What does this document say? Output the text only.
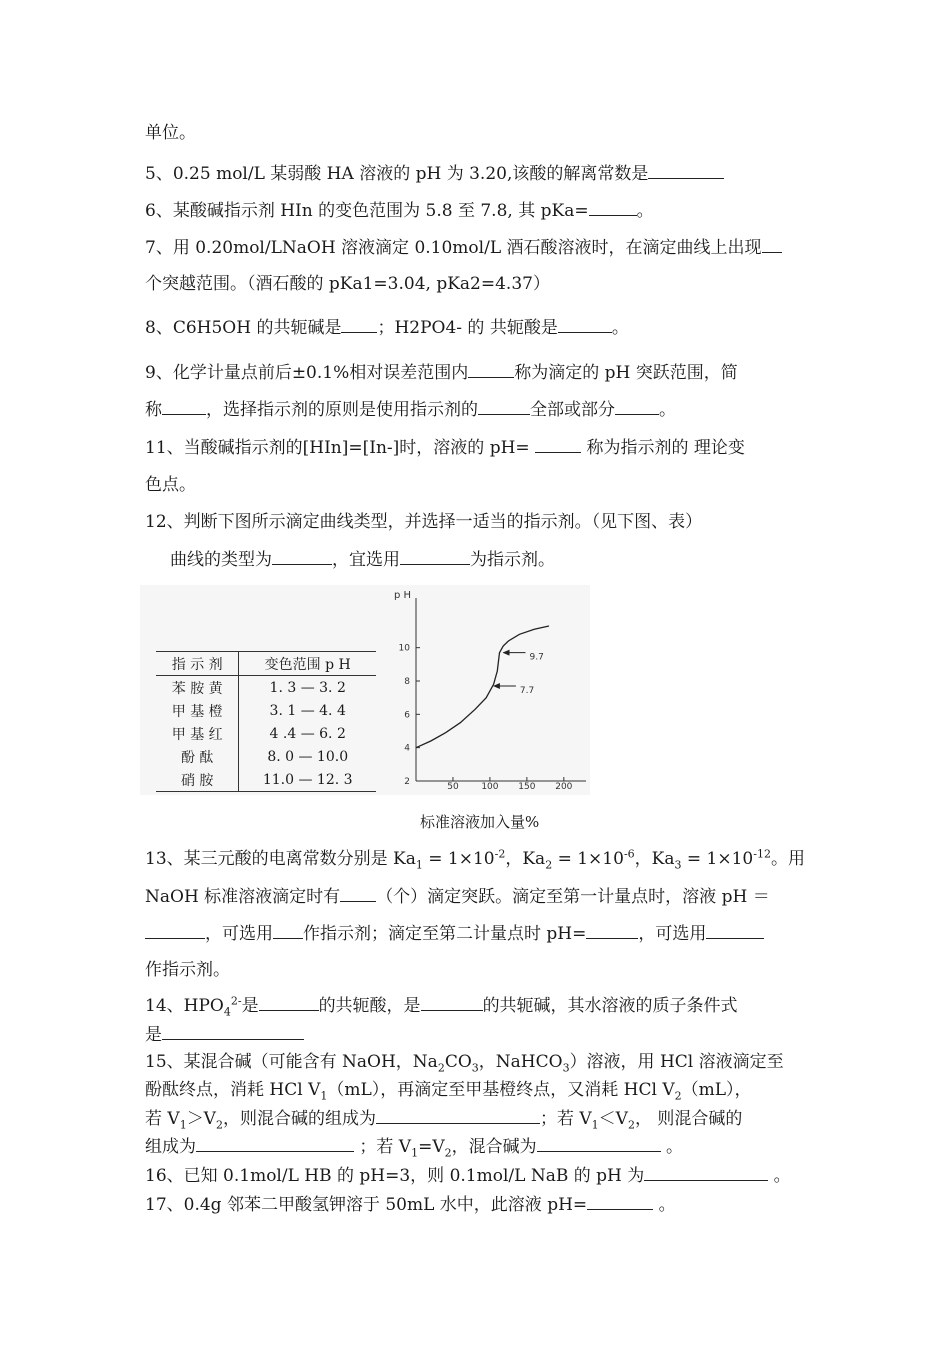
单位。
5、0.25 mol/L 某弱酸 HA 溶液的 pH 为 3.20,该酸的解离常数是
6、某酸碱指示剂 HIn 的变色范围为 5.8 至 7.8, 其 pKa=	。
7、用 0.20mol/LNaOH 溶液滴定 0.10mol/L 酒石酸溶液时，在滴定曲线上出现
个突越范围。（酒石酸的 pKa1=3.04, pKa2=4.37）
8、C6H5OH 的共轭碱是 ；H2PO4- 的 共轭酸是	。
9、化学计量点前后±0.1%相对误差范围内	称为滴定的 pH 突跃范围，简
称	，选择指示剂的原则是使用指示剂的	全部或部分	。
11、当酸碱指示剂的[HIn]=[In-]时，溶液的 pH=	称为指示剂的 理论变
色点。
12、判断下图所示滴定曲线类型，并选择一适当的指示剂。（见下图、表）
曲线的类型为	，宜选用	为指示剂。
指 示 剂	变色范围 p H
苯 胺 黄	1. 3 — 3. 2
甲 基 橙	3. 1 — 4. 4
甲 基 红	4 .4 — 6. 2
酚 酞	8. 0 — 10.0
硝 胺	11.0 — 12. 3
p H
2
4
6
8
10
50	100 150 200
9.7
7.7
标准溶液加入量%
13、某三元酸的电离常数分别是 $Ka_1 = 1\times 10^{-2}$，$Ka_2 = 1\times 10^{-6}$，$Ka_3 = 1\times 10^{-12}$。用
NaOH 标准溶液滴定时有 （个）滴定突跃。滴定至第一计量点时，溶液 pH ＝
，可选用 作指示剂；滴定至第二计量点时 pH=	，可选用
作指示剂。
14、$HPO_4^{2-}$是	的共轭酸，是	的共轭碱，其水溶液的质子条件式
是
15、某混合碱（可能含有 NaOH，$Na_2CO_3$，NaHCO$_3$）溶液，用 HCl 溶液滴定至
酚酞终点，消耗 HCl $V_1(mL)$，再滴定至甲基橙终点，又消耗 HCl $V_2(mL)$，
若 $V_1>V_2$，则混合碱的组成为	；若 $V_1<V_2$， 则混合碱的
组成为	；若 $V_1=V_2$，混合碱为	。
16、已知 0.1mol/L HB 的 pH=3，则 0.1mol/L NaB 的 pH 为	。
17、0.4g 邻苯二甲酸氢钾溶于 50mL 水中，此溶液 pH=	。
